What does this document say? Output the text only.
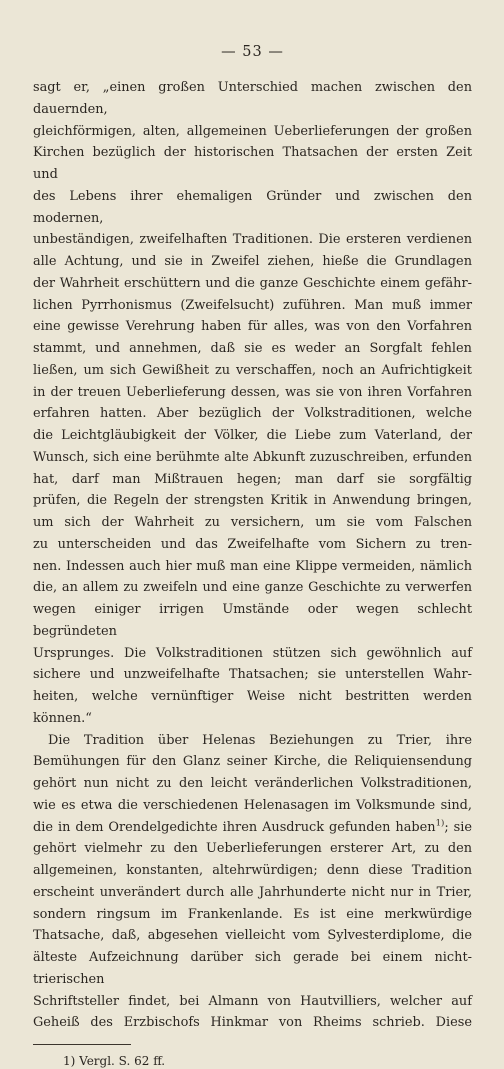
— 53 —

sagt er, „einen großen Unterschied machen zwischen den dauernden,

gleichförmigen, alten, allgemeinen Ueberlieferungen der großen

Kirchen bezüglich der historischen Thatsachen der ersten Zeit und

des Lebens ihrer ehemaligen Gründer und zwischen den modernen,

unbeständigen, zweifelhaften Traditionen. Die ersteren verdienen

alle Achtung, und sie in Zweifel ziehen, hieße die Grundlagen

der Wahrheit erschüttern und die ganze Geschichte einem gefähr-

lichen Pyrrhonismus (Zweifelsucht) zuführen. Man muß immer

eine gewisse Verehrung haben für alles, was von den Vorfahren

stammt, und annehmen, daß sie es weder an Sorgfalt fehlen

ließen, um sich Gewißheit zu verschaffen, noch an Aufrichtigkeit

in der treuen Ueberlieferung dessen, was sie von ihren Vorfahren

erfahren hatten. Aber bezüglich der Volkstraditionen, welche

die Leichtgläubigkeit der Völker, die Liebe zum Vaterland, der

Wunsch, sich eine berühmte alte Abkunft zuzuschreiben, erfunden

hat, darf man Mißtrauen hegen; man darf sie sorgfältig

prüfen, die Regeln der strengsten Kritik in Anwendung bringen,

um sich der Wahrheit zu versichern, um sie vom Falschen

zu unterscheiden und das Zweifelhafte vom Sichern zu tren-

nen. Indessen auch hier muß man eine Klippe vermeiden, nämlich

die, an allem zu zweifeln und eine ganze Geschichte zu verwerfen

wegen einiger irrigen Umstände oder wegen schlecht begründeten

Ursprunges. Die Volkstraditionen stützen sich gewöhnlich auf

sichere und unzweifelhafte Thatsachen; sie unterstellen Wahr-

heiten, welche vernünftiger Weise nicht bestritten werden können.“

Die Tradition über Helenas Beziehungen zu Trier, ihre

Bemühungen für den Glanz seiner Kirche, die Reliquiensendung

gehört nun nicht zu den leicht veränderlichen Volkstraditionen,

wie es etwa die verschiedenen Helenasagen im Volksmunde sind,

die in dem Orendelgedichte ihren Ausdruck gefunden haben$^{1)}$; sie

gehört vielmehr zu den Ueberlieferungen ersterer Art, zu den

allgemeinen, konstanten, altehrwürdigen; denn diese Tradition

erscheint unverändert durch alle Jahrhunderte nicht nur in Trier,

sondern ringsum im Frankenlande. Es ist eine merkwürdige

Thatsache, daß, abgesehen vielleicht vom Sylvesterdiplome, die

älteste Aufzeichnung darüber sich gerade bei einem nicht-trierischen

Schriftsteller findet, bei Almann von Hautvilliers, welcher auf

Geheiß des Erzbischofs Hinkmar von Rheims schrieb. Diese

1) Vergl. S. 62 ff.
